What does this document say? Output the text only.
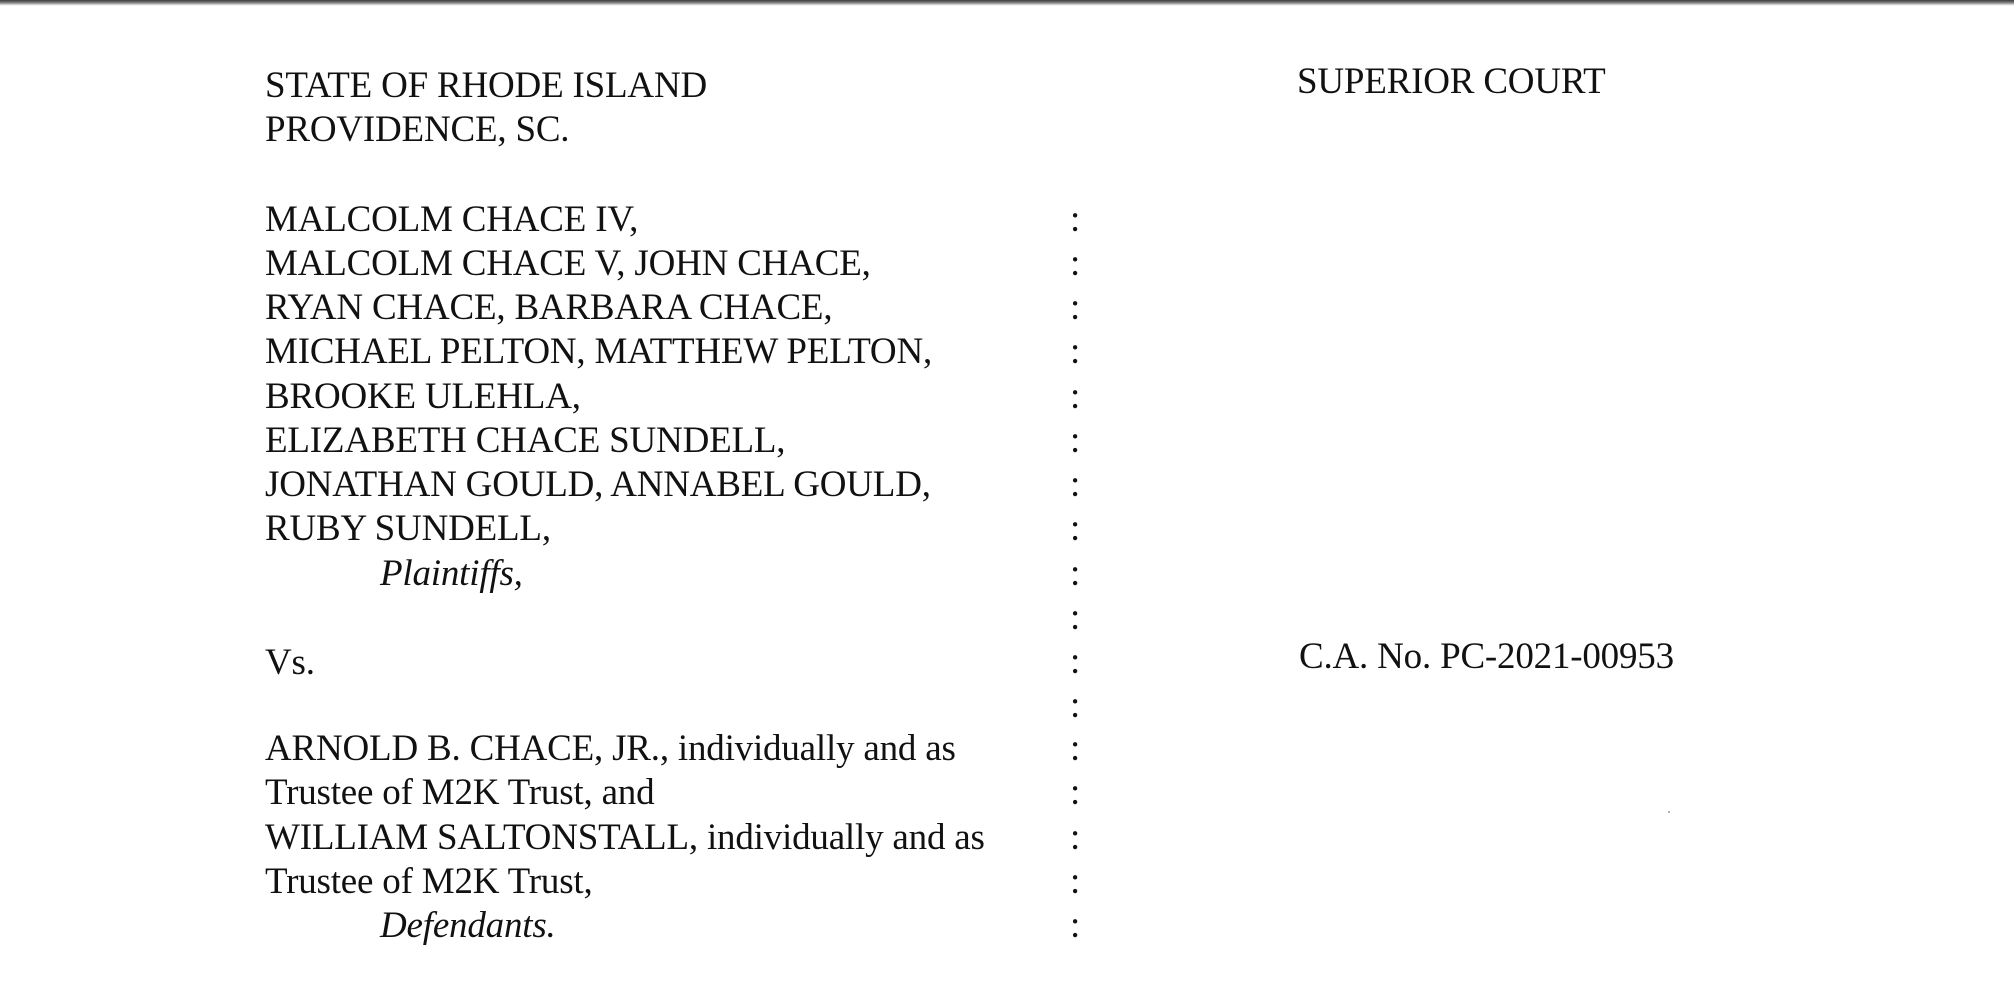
STATE OF RHODE ISLAND
PROVIDENCE, SC.
SUPERIOR COURT
MALCOLM CHACE IV,
MALCOLM CHACE V, JOHN CHACE,
RYAN CHACE, BARBARA CHACE,
MICHAEL PELTON, MATTHEW PELTON,
BROOKE ULEHLA,
ELIZABETH CHACE SUNDELL,
JONATHAN GOULD, ANNABEL GOULD,
RUBY SUNDELL,
Plaintiffs,
Vs.	C.A. No. PC-2021-00953
ARNOLD B. CHACE, JR., individually and as
Trustee of M2K Trust, and
WILLIAM SALTONSTALL, individually and as
Trustee of M2K Trust,
Defendants.
:
:
:
:
:
:
:
:
:
:
:
:
:
:
:
:
:
